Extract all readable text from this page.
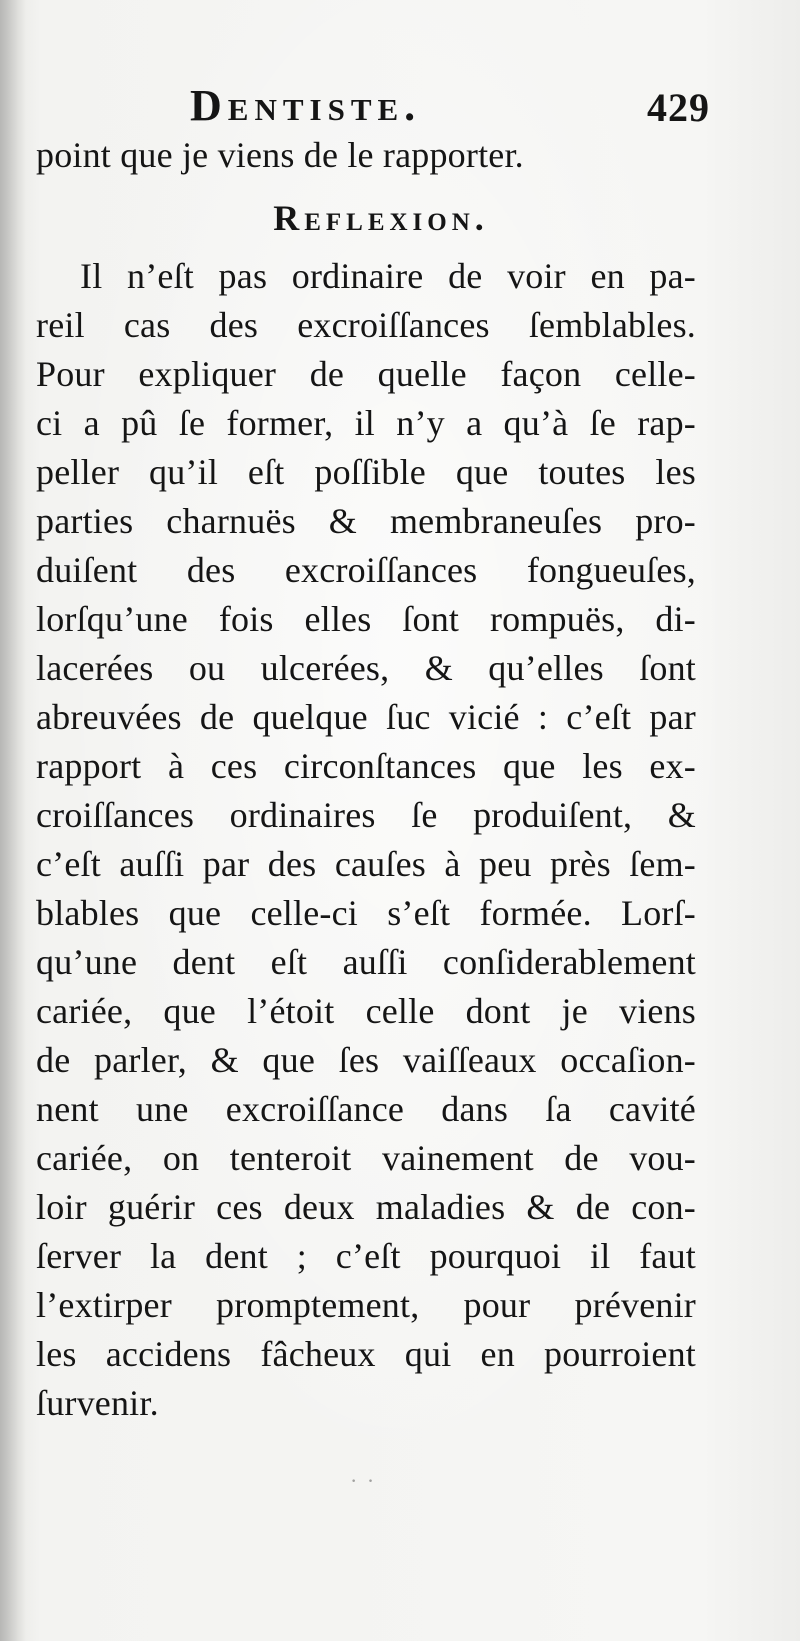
Dentiste.	429
point que je viens de le rapporter.
Reflexion.
Il n’eſt pas ordinaire de voir en pa-
reil cas des excroiſſances ſemblables.
Pour expliquer de quelle façon celle-
ci a pû ſe former, il n’y a qu’à ſe rap-
peller qu’il eſt poſſible que toutes les
parties charnuës & membraneuſes pro-
duiſent des excroiſſances fongueuſes,
lorſqu’une fois elles ſont rompuës, di-
lacerées ou ulcerées, & qu’elles ſont
abreuvées de quelque ſuc vicié : c’eſt par
rapport à ces circonſtances que les ex-
croiſſances ordinaires ſe produiſent, &
c’eſt auſſi par des cauſes à peu près ſem-
blables que celle-ci s’eſt formée. Lorſ-
qu’une dent eſt auſſi conſiderablement
cariée, que l’étoit celle dont je viens
de parler, & que ſes vaiſſeaux occaſion-
nent une excroiſſance dans ſa cavité
cariée, on tenteroit vainement de vou-
loir guérir ces deux maladies & de con-
ſerver la dent ; c’eſt pourquoi il faut
l’extirper promptement, pour prévenir
les accidens fâcheux qui en pourroient
ſurvenir.
· ·
